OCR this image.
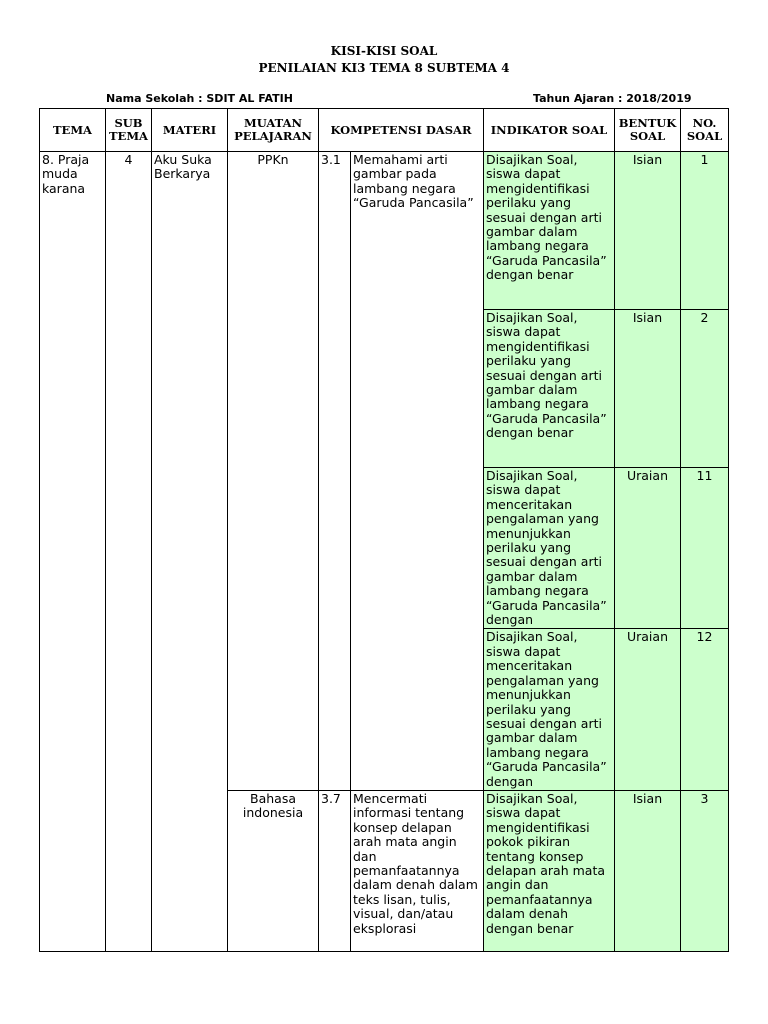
KISI-KISI SOAL
PENILAIAN KI3 TEMA 8 SUBTEMA 4
Nama Sekolah : SDIT AL FATIH	Tahun Ajaran : 2018/2019
TEMA	SUB TEMA	MATERI	MUATAN PELAJARAN	KOMPETENSI DASAR		INDIKATOR SOAL	BENTUK SOAL	NO. SOAL
8. Praja muda karana	4	Aku Suka Berkarya	PPKn	3.1	Memahami arti gambar pada lambang negara “Garuda Pancasila”	Disajikan Soal, siswa dapat mengidentifikasi perilaku yang sesuai dengan arti gambar dalam lambang negara “Garuda Pancasila” dengan benar	Isian	1

						Disajikan Soal, siswa dapat mengidentifikasi perilaku yang sesuai dengan arti gambar dalam lambang negara “Garuda Pancasila” dengan benar	Isian	2

						Disajikan Soal, siswa dapat menceritakan pengalaman yang menunjukkan perilaku yang sesuai dengan arti gambar dalam lambang negara “Garuda Pancasila” dengan	Uraian	11

						Disajikan Soal, siswa dapat menceritakan pengalaman yang menunjukkan perilaku yang sesuai dengan arti gambar dalam lambang negara “Garuda Pancasila” dengan	Uraian	12
			Bahasa indonesia	3.7	Mencermati informasi tentang konsep delapan arah mata angin dan pemanfaatannya dalam denah dalam teks lisan, tulis, visual, dan/atau eksplorasi	Disajikan Soal, siswa dapat mengidentifikasi pokok pikiran tentang konsep delapan arah mata angin dan pemanfaatannya dalam denah dengan benar	Isian	3
